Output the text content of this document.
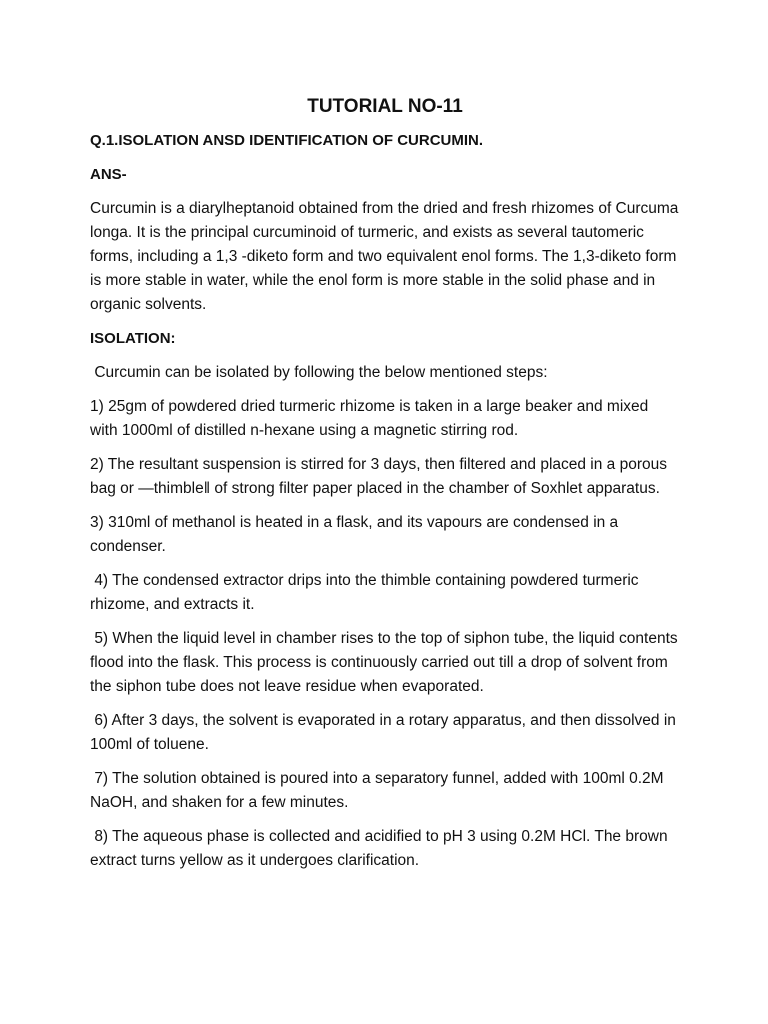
TUTORIAL NO-11
Q.1.ISOLATION ANSD IDENTIFICATION OF CURCUMIN.
ANS-
Curcumin is a diarylheptanoid obtained from the dried and fresh rhizomes of Curcuma longa. It is the principal curcuminoid of turmeric, and exists as several tautomeric forms, including a 1,3 -diketo form and two equivalent enol forms. The 1,3-diketo form is more stable in water, while the enol form is more stable in the solid phase and in organic solvents.
ISOLATION:
Curcumin can be isolated by following the below mentioned steps:
1) 25gm of powdered dried turmeric rhizome is taken in a large beaker and mixed with 1000ml of distilled n-hexane using a magnetic stirring rod.
2) The resultant suspension is stirred for 3 days, then filtered and placed in a porous bag or ―thimble‖ of strong filter paper placed in the chamber of Soxhlet apparatus.
3) 310ml of methanol is heated in a flask, and its vapours are condensed in a condenser.
4) The condensed extractor drips into the thimble containing powdered turmeric rhizome, and extracts it.
5) When the liquid level in chamber rises to the top of siphon tube, the liquid contents flood into the flask. This process is continuously carried out till a drop of solvent from the siphon tube does not leave residue when evaporated.
6) After 3 days, the solvent is evaporated in a rotary apparatus, and then dissolved in 100ml of toluene.
7) The solution obtained is poured into a separatory funnel, added with 100ml 0.2M NaOH, and shaken for a few minutes.
8) The aqueous phase is collected and acidified to pH 3 using 0.2M HCl. The brown extract turns yellow as it undergoes clarification.
